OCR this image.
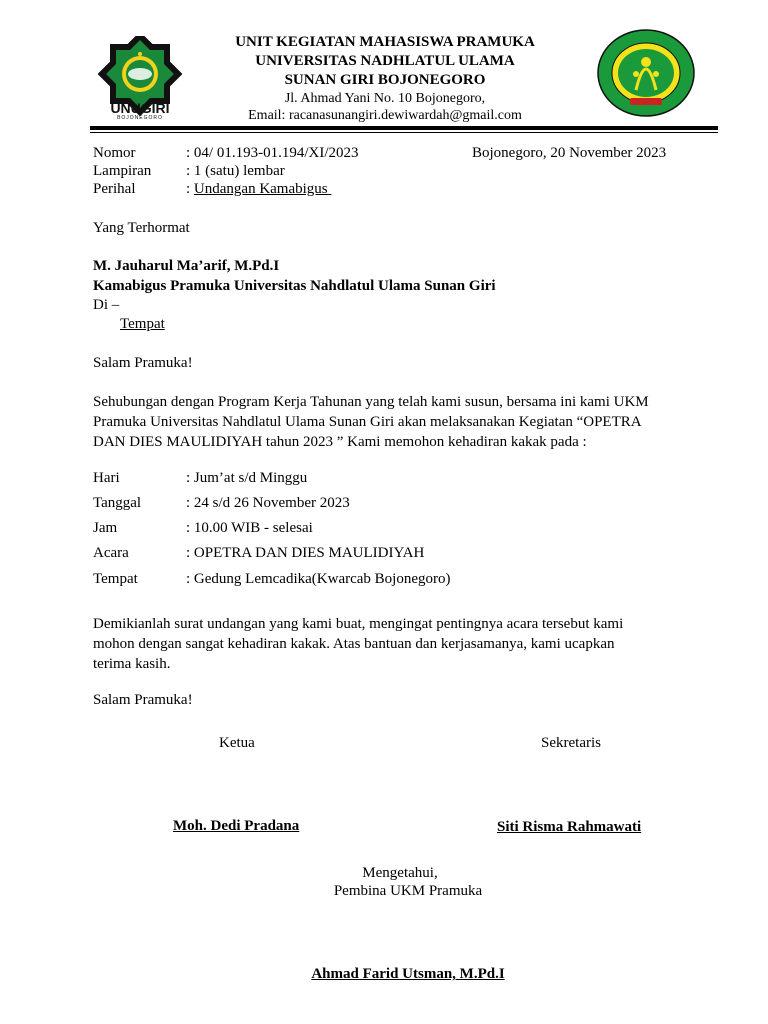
UNUGIRI
BOJONEGORO
UNIT KEGIATAN MAHASISWA PRAMUKA
UNIVERSITAS NADHLATUL ULAMA
SUNAN GIRI BOJONEGORO
Jl. Ahmad Yani No. 10 Bojonegoro,
Email: racanasunangiri.dewiwardah@gmail.com
Nomor	: 04/ 01.193-01.194/XI/2023	Bojonegoro, 20 November 2023
Lampiran : 1 (satu) lembar
Perihal	: Undangan Kamabigus
Yang Terhormat
M. Jauharul Ma’arif, M.Pd.I
Kamabigus Pramuka Universitas Nahdlatul Ulama Sunan Giri
Di –
Tempat
Salam Pramuka!
Sehubungan dengan Program Kerja Tahunan yang telah kami susun, bersama ini kami UKM
Pramuka Universitas Nahdlatul Ulama Sunan Giri akan melaksanakan Kegiatan “OPETRA
DAN DIES MAULIDIYAH tahun 2023 ” Kami memohon kehadiran kakak pada :
Hari	: Jum’at s/d Minggu
Tanggal	: 24 s/d 26 November 2023
Jam	: 10.00 WIB - selesai
Acara	: OPETRA DAN DIES MAULIDIYAH
Tempat	: Gedung Lemcadika(Kwarcab Bojonegoro)
Demikianlah surat undangan yang kami buat, mengingat pentingnya acara tersebut kami
mohon dengan sangat kehadiran kakak. Atas bantuan dan kerjasamanya, kami ucapkan
terima kasih.
Salam Pramuka!
Ketua	Sekretaris
Moh. Dedi Pradana	Siti Risma Rahmawati
Mengetahui,
Pembina UKM Pramuka
Ahmad Farid Utsman, M.Pd.I
